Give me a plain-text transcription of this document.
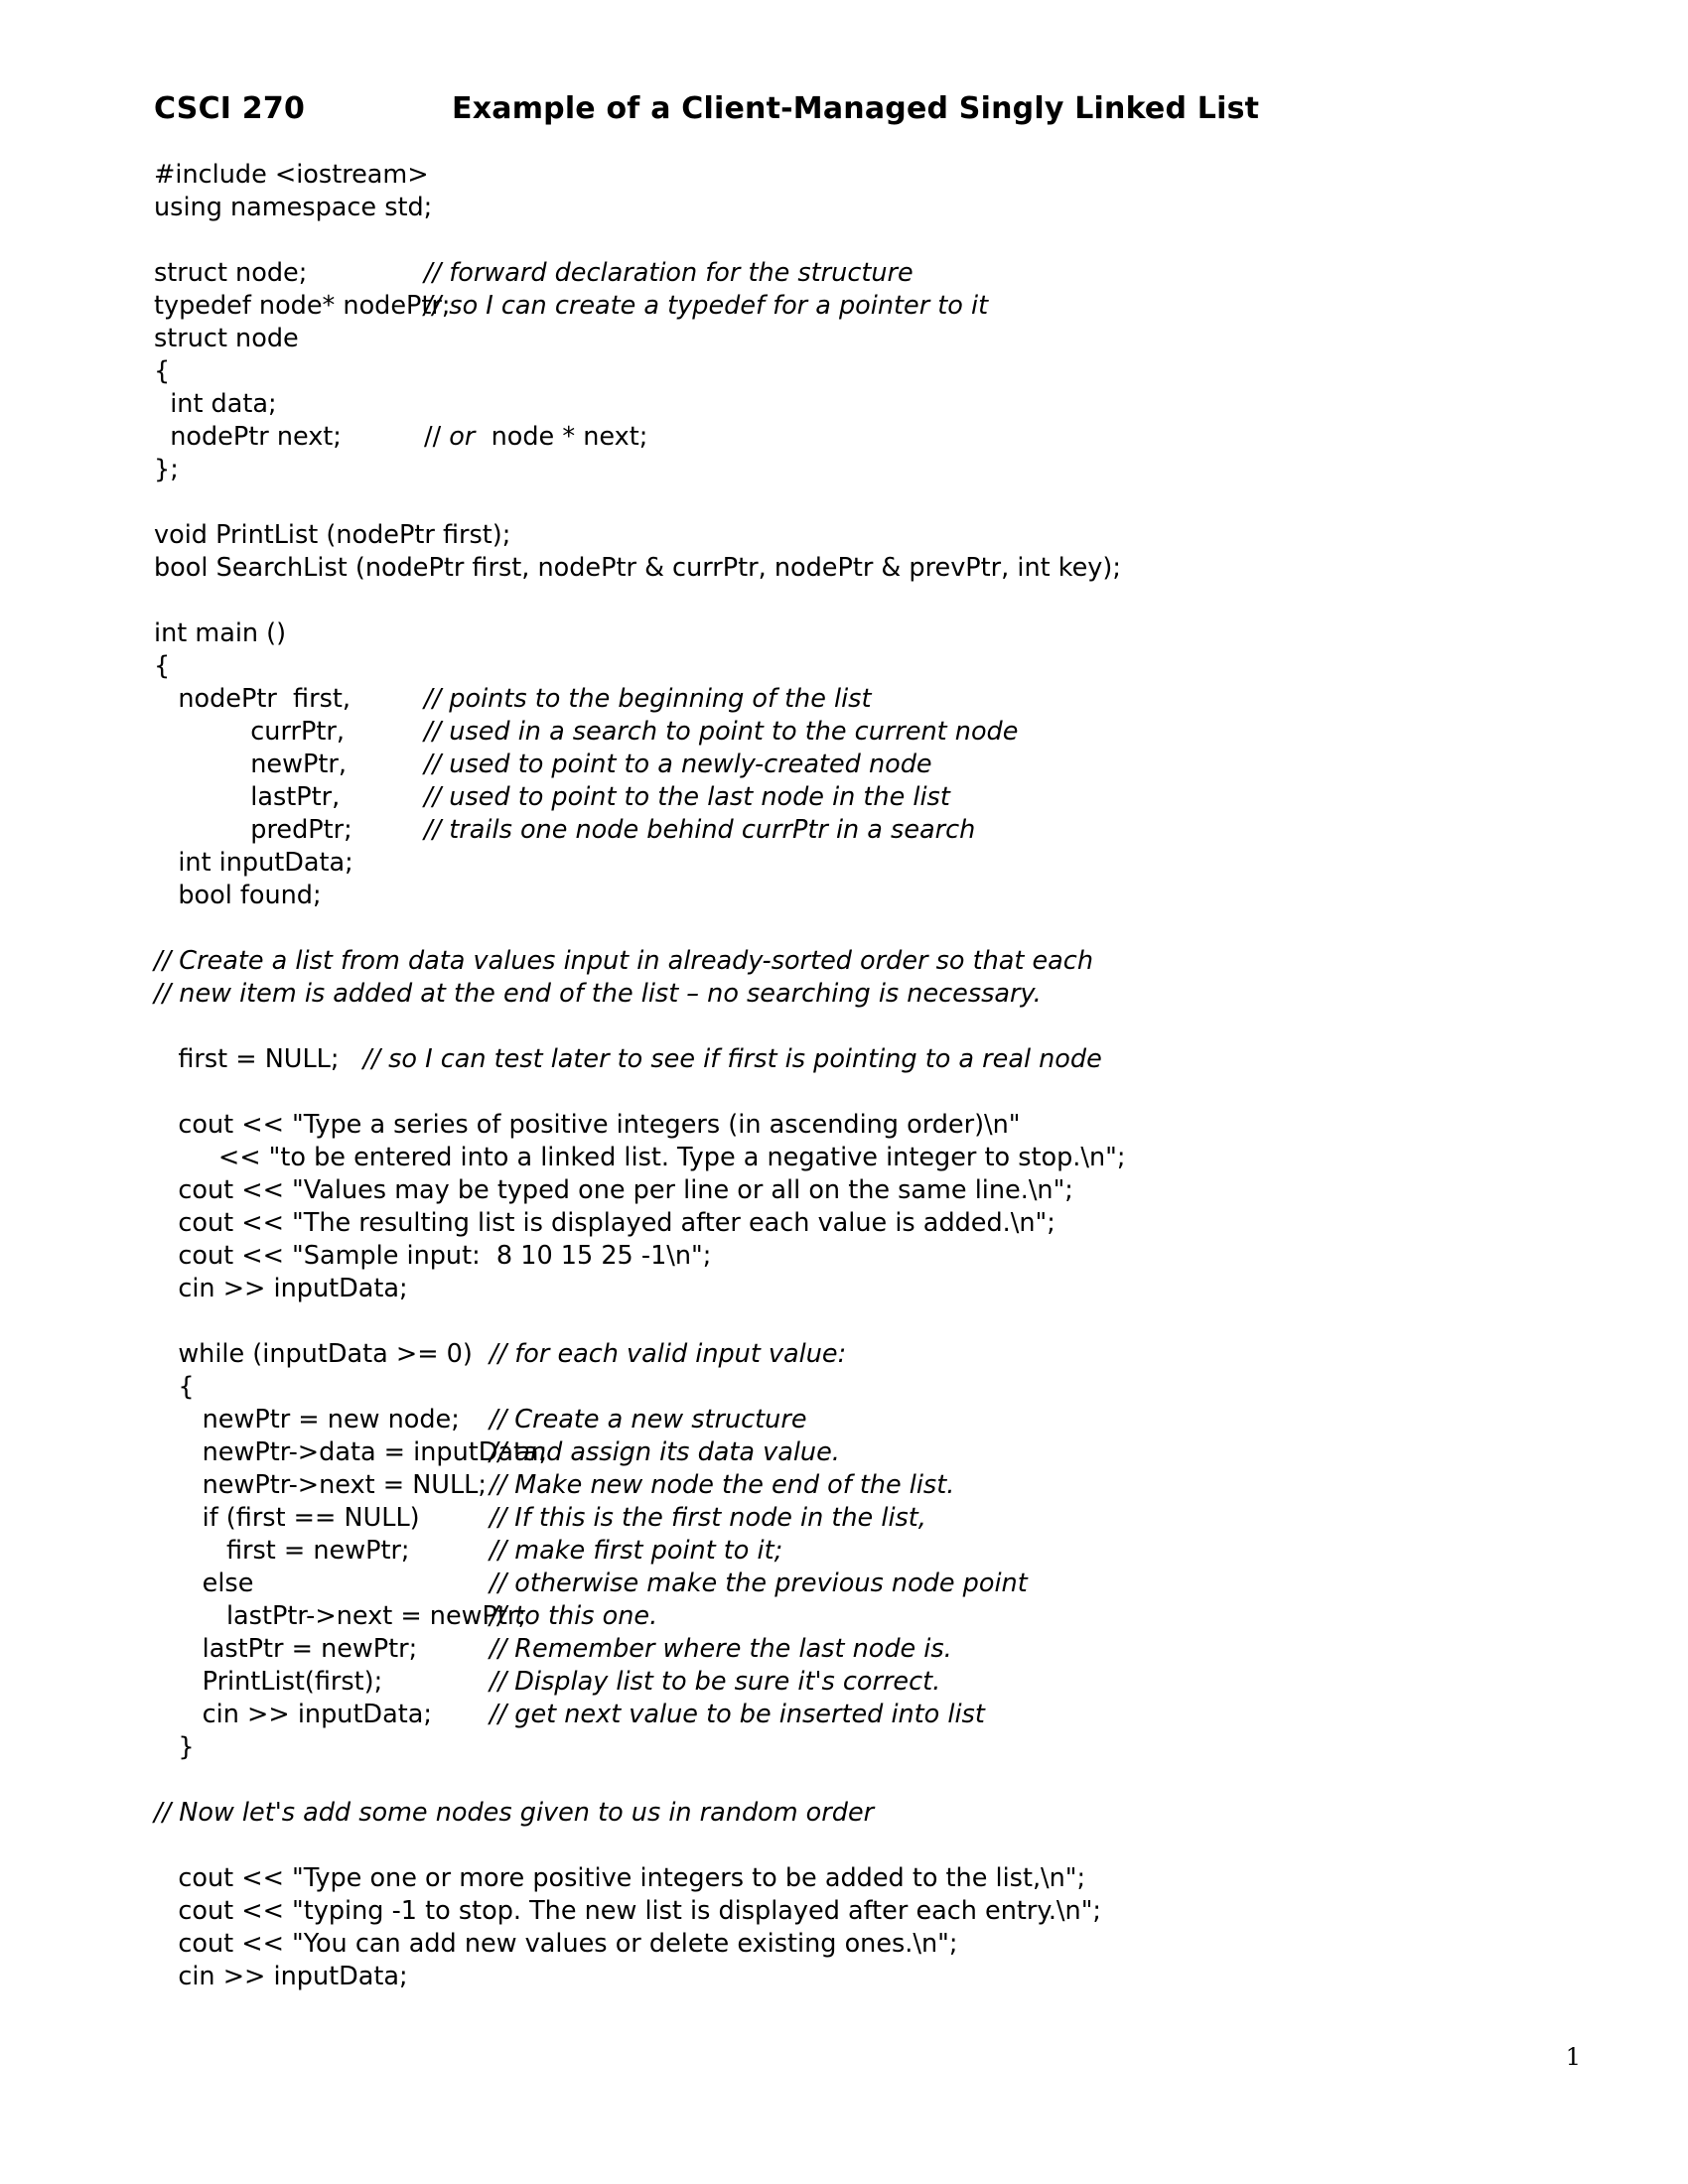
CSCI 270	Example of a Client-Managed Singly Linked List
#include <iostream>
using namespace std;

struct node;	// forward declaration for the structure
typedef node* nodePtr;
// so I can create a typedef for a pointer to it
struct node
{
int data;
nodePtr next;	// or  node * next;
};

void PrintList (nodePtr first);
bool SearchList (nodePtr first, nodePtr & currPtr, nodePtr & prevPtr, int key);

int main ()
{
nodePtr  first,	// points to the beginning of the list
currPtr,	// used in a search to point to the current node
newPtr,	// used to point to a newly-created node
lastPtr,	// used to point to the last node in the list
predPtr;	// trails one node behind currPtr in a search
int inputData;
bool found;

// Create a list from data values input in already-sorted order so that each
// new item is added at the end of the list – no searching is necessary.

first = NULL; // so I can test later to see if first is pointing to a real node

cout << "Type a series of positive integers (in ascending order)\n"
<< "to be entered into a linked list. Type a negative integer to stop.\n";
cout << "Values may be typed one per line or all on the same line.\n";
cout << "The resulting list is displayed after each value is added.\n";
cout << "Sample input:  8 10 15 25 -1\n";
cin >> inputData;

while (inputData >= 0) // for each valid input value:
{
newPtr = new node;	// Create a new structure
newPtr->data = inputData;
// and assign its data value.
newPtr->next = NULL; // Make new node the end of the list.
if (first == NULL)	// If this is the first node in the list,
first = newPtr;	// make first point to it;
else	// otherwise make the previous node point
lastPtr->next = newPtr;
// to this one.
lastPtr = newPtr;	// Remember where the last node is.
PrintList(first);	// Display list to be sure it's correct.
cin >> inputData;	// get next value to be inserted into list
}

// Now let's add some nodes given to us in random order

cout << "Type one or more positive integers to be added to the list,\n";
cout << "typing -1 to stop. The new list is displayed after each entry.\n";
cout << "You can add new values or delete existing ones.\n";
cin >> inputData;
1
